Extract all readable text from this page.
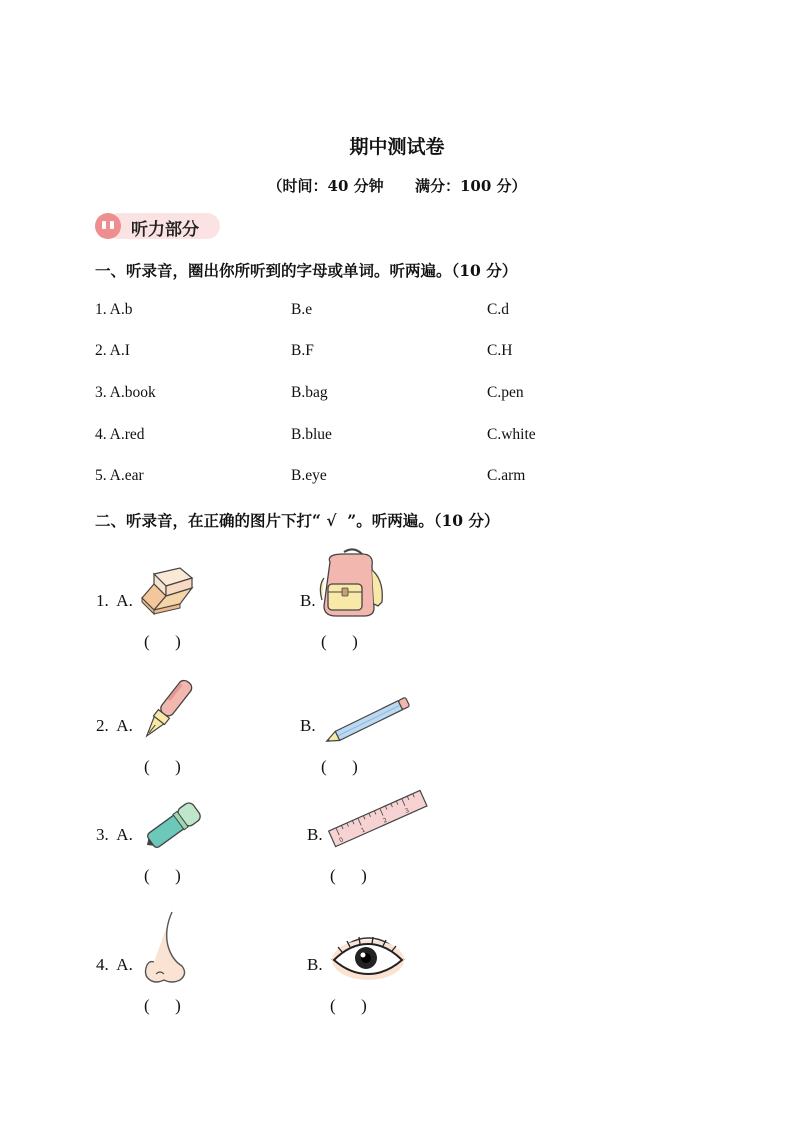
期中测试卷
（时间：40 分钟      满分：100 分）
听力部分
一、听录音，圈出你所听到的字母或单词。听两遍。（10 分）
1. A.b	B.e	C.d
2. A.I	B.F	C.H
3. A.book	B.bag	C.pen
4. A.red	B.blue	C.white
5. A.ear	B.eye	C.arm
二、听录音，在正确的图片下打“ √  ”。听两遍。（10 分）
1.  A.
(      )
B.
(      )
2.  A.
(      )
B.
(      )
3.  A.
(      )
B.	0
1
2
3
(      )
4.  A.
(      )
B.
(      )
